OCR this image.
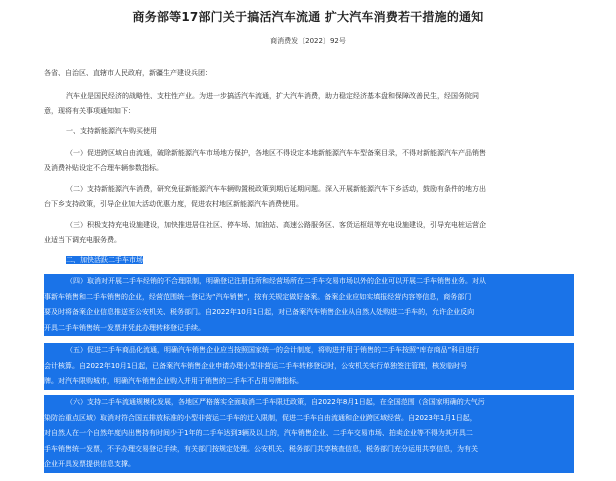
商务部等17部门关于搞活汽车流通 扩大汽车消费若干措施的通知
商消费发〔2022〕92号
各省、自治区、直辖市人民政府，新疆生产建设兵团：
汽车业是国民经济的战略性、支柱性产业。为进一步搞活汽车流通，扩大汽车消费，助力稳定经济基本盘和保障改善民生，经国务院同
意，现将有关事项通知如下：
一、支持新能源汽车购买使用
（一）促进跨区域自由流通，破除新能源汽车市场地方保护，各地区不得设定本地新能源汽车车型备案目录，不得对新能源汽车产品销售
及消费补贴设定不合理车辆参数指标。
（二）支持新能源汽车消费，研究免征新能源汽车车辆购置税政策到期后延期问题。深入开展新能源汽车下乡活动，鼓励有条件的地方出
台下乡支持政策，引导企业加大活动优惠力度，促进农村地区新能源汽车消费使用。
（三）积极支持充电设施建设，加快推进居住社区、停车场、加油站、高速公路服务区、客货运枢纽等充电设施建设，引导充电桩运营企
业适当下调充电服务费。
二、加快活跃二手车市场
（四）取消对开展二手车经销的不合理限制，明确登记注册住所和经营场所在二手车交易市场以外的企业可以开展二手车销售业务。对从
事新车销售和二手车销售的企业，经营范围统一登记为“汽车销售”，按有关规定做好备案。备案企业应如实填报经营内容等信息，商务部门
要及时将备案企业信息推送至公安机关、税务部门。自2022年10月1日起，对已备案汽车销售企业从自然人处购进二手车的，允许企业反向
开具二手车销售统一发票并凭此办理转移登记手续。
（五）促进二手车商品化流通，明确汽车销售企业应当按照国家统一的会计制度，将购进并用于销售的二手车按照“库存商品”科目进行
会计核算。自2022年10月1日起，已备案汽车销售企业申请办理小型非营运二手车转移登记时，公安机关实行单独签注管理，核发临时号
牌。对汽车限购城市，明确汽车销售企业购入并用于销售的二手车不占用号牌指标。
（六）支持二手车流通规模化发展，各地区严格落实全面取消二手车限迁政策，自2022年8月1日起，在全国范围（含国家明确的大气污
染防治重点区域）取消对符合国五排放标准的小型非营运二手车的迁入限制，促进二手车自由流通和企业跨区域经营。自2023年1月1日起，
对自然人在一个自然年度内出售持有时间少于1年的二手车达到3辆及以上的，汽车销售企业、二手车交易市场、拍卖企业等不得为其开具二
手车销售统一发票，不予办理交易登记手续，有关部门按规定处理。公安机关、税务部门共享核查信息，税务部门充分运用共享信息，为有关
企业开具发票提供信息支撑。
